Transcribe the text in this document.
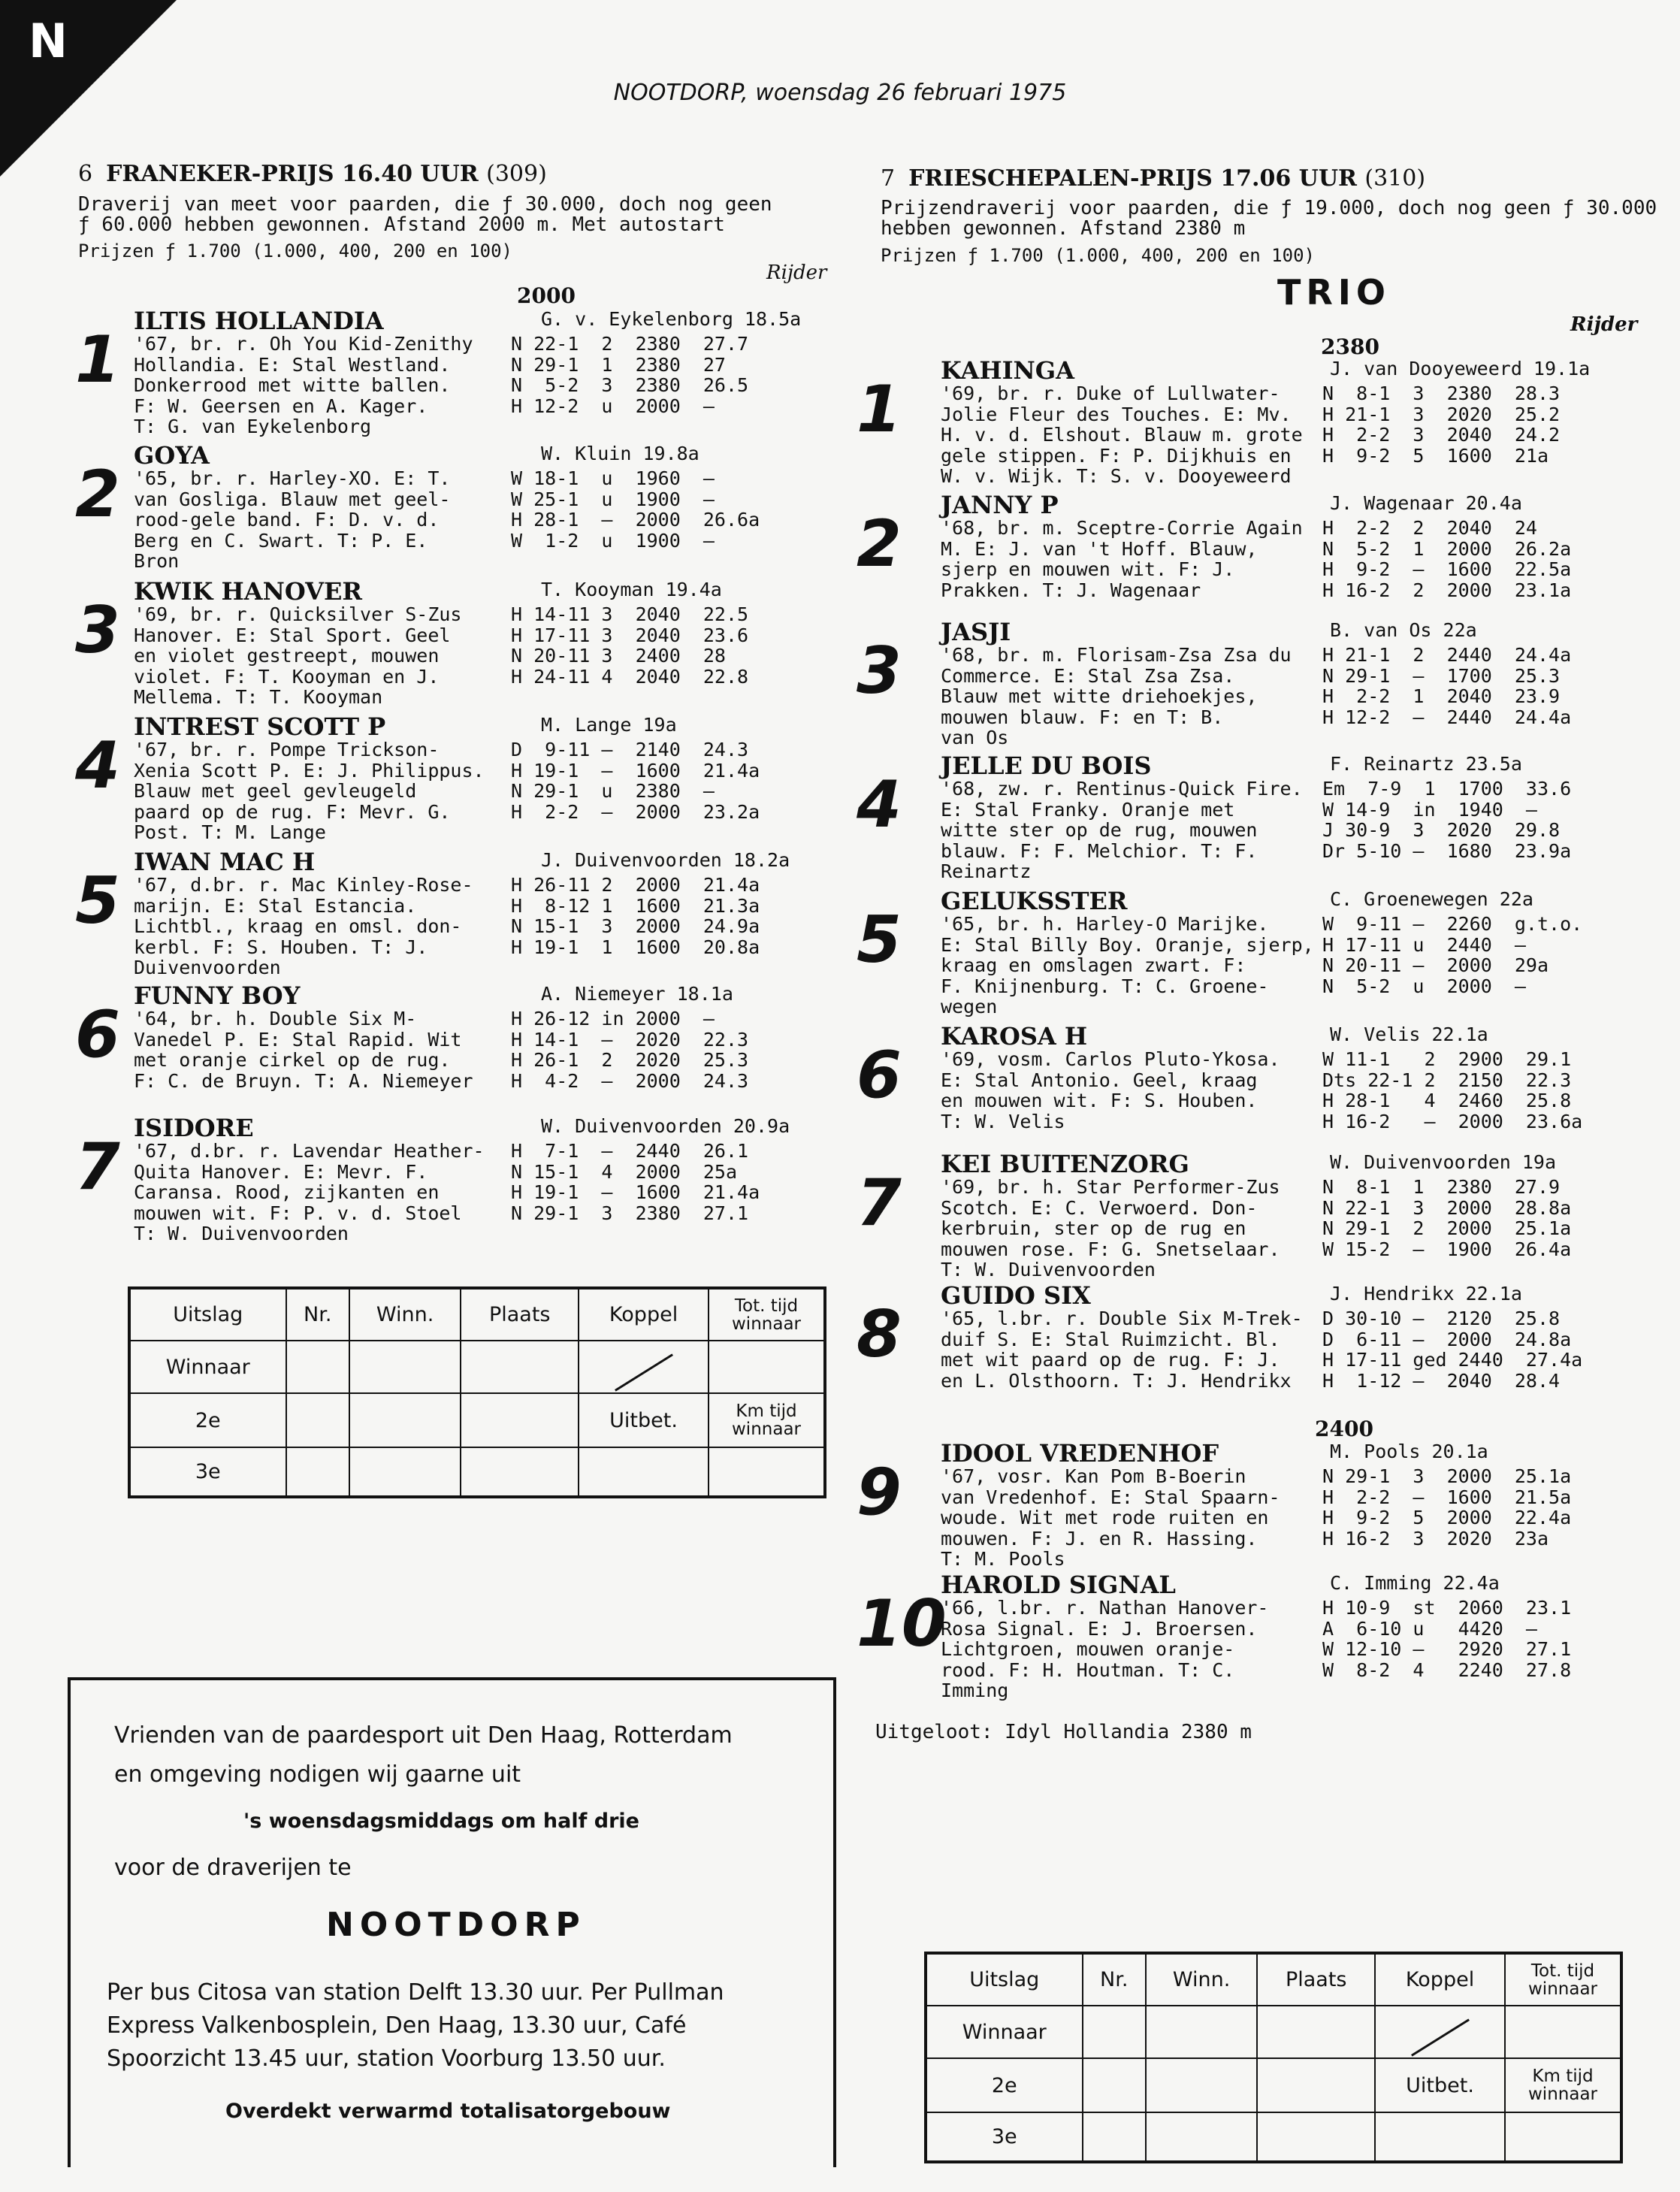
N
NOOTDORP, woensdag 26 februari 1975
6 FRANEKER-PRIJS 16.40 UUR (309)
Draverij van meet voor paarden, die ƒ 30.000, doch nog geen
ƒ 60.000 hebben gewonnen. Afstand 2000 m. Met autostart
Prijzen ƒ 1.700 (1.000, 400, 200 en 100)
Rijder
2000
1
ILTIS HOLLANDIA	G. v. Eykelenborg 18.5a
'67, br. r. Oh You Kid-Zenithy
Hollandia. E: Stal Westland.
Donkerrood met witte ballen.
F: W. Geersen en A. Kager.
T: G. van Eykelenborg
N 22-1  2  2380  27.7
N 29-1  1  2380  27
N  5-2  3  2380  26.5
H 12-2  u  2000  —
2
GOYA	W. Kluin 19.8a
'65, br. r. Harley-XO. E: T.
van Gosliga. Blauw met geel-
rood-gele band. F: D. v. d.
Berg en C. Swart. T: P. E.
Bron
W 18-1  u  1960  —
W 25-1  u  1900  —
H 28-1  —  2000  26.6a
W  1-2  u  1900  —
3
KWIK HANOVER	T. Kooyman 19.4a
'69, br. r. Quicksilver S-Zus
Hanover. E: Stal Sport. Geel
en violet gestreept, mouwen
violet. F: T. Kooyman en J.
Mellema. T: T. Kooyman
H 14-11 3  2040  22.5
H 17-11 3  2040  23.6
N 20-11 3  2400  28
H 24-11 4  2040  22.8
4
INTREST SCOTT P	M. Lange 19a
'67, br. r. Pompe Trickson-
Xenia Scott P. E: J. Philippus.
Blauw met geel gevleugeld
paard op de rug. F: Mevr. G.
Post. T: M. Lange
D  9-11 —  2140  24.3
H 19-1  —  1600  21.4a
N 29-1  u  2380  —
H  2-2  —  2000  23.2a
5
IWAN MAC H	J. Duivenvoorden 18.2a
'67, d.br. r. Mac Kinley-Rose-
marijn. E: Stal Estancia.
Lichtbl., kraag en omsl. don-
kerbl. F: S. Houben. T: J.
Duivenvoorden
H 26-11 2  2000  21.4a
H  8-12 1  1600  21.3a
N 15-1  3  2000  24.9a
H 19-1  1  1600  20.8a
6
FUNNY BOY	A. Niemeyer 18.1a
'64, br. h. Double Six M-
Vanedel P. E: Stal Rapid. Wit
met oranje cirkel op de rug.
F: C. de Bruyn. T: A. Niemeyer
H 26-12 in 2000  —
H 14-1  —  2020  22.3
H 26-1  2  2020  25.3
H  4-2  —  2000  24.3
7
ISIDORE	W. Duivenvoorden 20.9a
'67, d.br. r. Lavendar Heather-
Quita Hanover. E: Mevr. F.
Caransa. Rood, zijkanten en
mouwen wit. F: P. v. d. Stoel
T: W. Duivenvoorden
H  7-1  —  2440  26.1
N 15-1  4  2000  25a
H 19-1  —  1600  21.4a
N 29-1  3  2380  27.1
7 FRIESCHEPALEN-PRIJS 17.06 UUR (310)
Prijzendraverij voor paarden, die ƒ 19.000, doch nog geen ƒ 30.000
hebben gewonnen. Afstand 2380 m
Prijzen ƒ 1.700 (1.000, 400, 200 en 100)
TRIO
Rijder
2380
2400
1
KAHINGA	J. van Dooyeweerd 19.1a
'69, br. r. Duke of Lullwater-
Jolie Fleur des Touches. E: Mv.
H. v. d. Elshout. Blauw m. grote
gele stippen. F: P. Dijkhuis en
W. v. Wijk. T: S. v. Dooyeweerd
N  8-1  3  2380  28.3
H 21-1  3  2020  25.2
H  2-2  3  2040  24.2
H  9-2  5  1600  21a
2
JANNY P	J. Wagenaar 20.4a
'68, br. m. Sceptre-Corrie Again
M. E: J. van 't Hoff. Blauw,
sjerp en mouwen wit. F: J.
Prakken. T: J. Wagenaar
H  2-2  2  2040  24
N  5-2  1  2000  26.2a
H  9-2  —  1600  22.5a
H 16-2  2  2000  23.1a
3
JASJI	B. van Os 22a
'68, br. m. Florisam-Zsa Zsa du
Commerce. E: Stal Zsa Zsa.
Blauw met witte driehoekjes,
mouwen blauw. F: en T: B.
van Os
H 21-1  2  2440  24.4a
N 29-1  —  1700  25.3
H  2-2  1  2040  23.9
H 12-2  —  2440  24.4a
4
JELLE DU BOIS	F. Reinartz 23.5a
'68, zw. r. Rentinus-Quick Fire.
E: Stal Franky. Oranje met
witte ster op de rug, mouwen
blauw. F: F. Melchior. T: F.
Reinartz
Em  7-9  1  1700  33.6
W 14-9  in  1940  —
J 30-9  3  2020  29.8
Dr 5-10 —  1680  23.9a
5
GELUKSSTER	C. Groenewegen 22a
'65, br. h. Harley-O Marijke.
E: Stal Billy Boy. Oranje, sjerp,
kraag en omslagen zwart. F:
F. Knijnenburg. T: C. Groene-
wegen
W  9-11 —  2260  g.t.o.
H 17-11 u  2440  —
N 20-11 —  2000  29a
N  5-2  u  2000  —
6
KAROSA H	W. Velis 22.1a
'69, vosm. Carlos Pluto-Ykosa.
E: Stal Antonio. Geel, kraag
en mouwen wit. F: S. Houben.
T: W. Velis
W 11-1   2  2900  29.1
Dts 22-1 2  2150  22.3
H 28-1   4  2460  25.8
H 16-2   —  2000  23.6a
7
KEI BUITENZORG	W. Duivenvoorden 19a
'69, br. h. Star Performer-Zus
Scotch. E: C. Verwoerd. Don-
kerbruin, ster op de rug en
mouwen rose. F: G. Snetselaar.
T: W. Duivenvoorden
N  8-1  1  2380  27.9
N 22-1  3  2000  28.8a
N 29-1  2  2000  25.1a
W 15-2  —  1900  26.4a
8
GUIDO SIX	J. Hendrikx 22.1a
'65, l.br. r. Double Six M-Trek-
duif S. E: Stal Ruimzicht. Bl.
met wit paard op de rug. F: J.
en L. Olsthoorn. T: J. Hendrikx
D 30-10 —  2120  25.8
D  6-11 —  2000  24.8a
H 17-11 ged 2440  27.4a
H  1-12 —  2040  28.4
9
IDOOL VREDENHOF	M. Pools 20.1a
'67, vosr. Kan Pom B-Boerin
van Vredenhof. E: Stal Spaarn-
woude. Wit met rode ruiten en
mouwen. F: J. en R. Hassing.
T: M. Pools
N 29-1  3  2000  25.1a
H  2-2  —  1600  21.5a
H  9-2  5  2000  22.4a
H 16-2  3  2020  23a
10
HAROLD SIGNAL	C. Imming 22.4a
'66, l.br. r. Nathan Hanover-
Rosa Signal. E: J. Broersen.
Lichtgroen, mouwen oranje-
rood. F: H. Houtman. T: C.
Imming
H 10-9  st  2060  23.1
A  6-10 u   4420  —
W 12-10 —   2920  27.1
W  8-2  4   2240  27.8
Uitgeloot: Idyl Hollandia 2380 m
Uitslag	Nr.	Winn.	Plaats	Koppel	Tot. tijd winnaar
Winnaar					
2e				Uitbet.	Km tijd winnaar
3e					
Uitslag	Nr.	Winn.	Plaats	Koppel	Tot. tijd winnaar
Winnaar					
2e				Uitbet.	Km tijd winnaar
3e					
Vrienden van de paardesport uit Den Haag, Rotterdam
en omgeving nodigen wij gaarne uit
's woensdagsmiddags om half drie
voor de draverijen te
NOOTDORP
Per bus Citosa van station Delft 13.30 uur. Per Pullman
Express Valkenbosplein, Den Haag, 13.30 uur, Café
Spoorzicht 13.45 uur, station Voorburg 13.50 uur.
Overdekt verwarmd totalisatorgebouw
